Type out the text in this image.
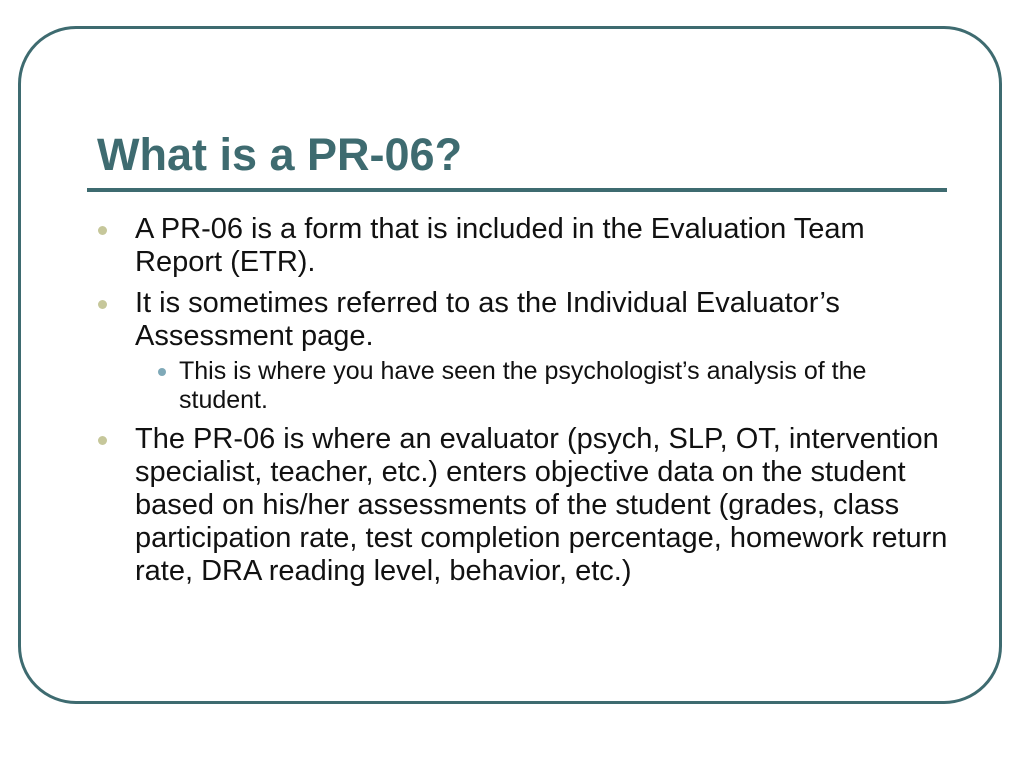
What is a PR-06?
A PR-06 is a form that is included in the Evaluation Team Report (ETR).
It is sometimes referred to as the Individual Evaluator’s Assessment page.
This is where you have seen the psychologist’s analysis of the student.
The PR-06 is where an evaluator (psych, SLP, OT, intervention specialist, teacher, etc.) enters objective data on the student based on his/her assessments of the student (grades, class participation rate, test completion percentage, homework return rate, DRA reading level, behavior, etc.)
